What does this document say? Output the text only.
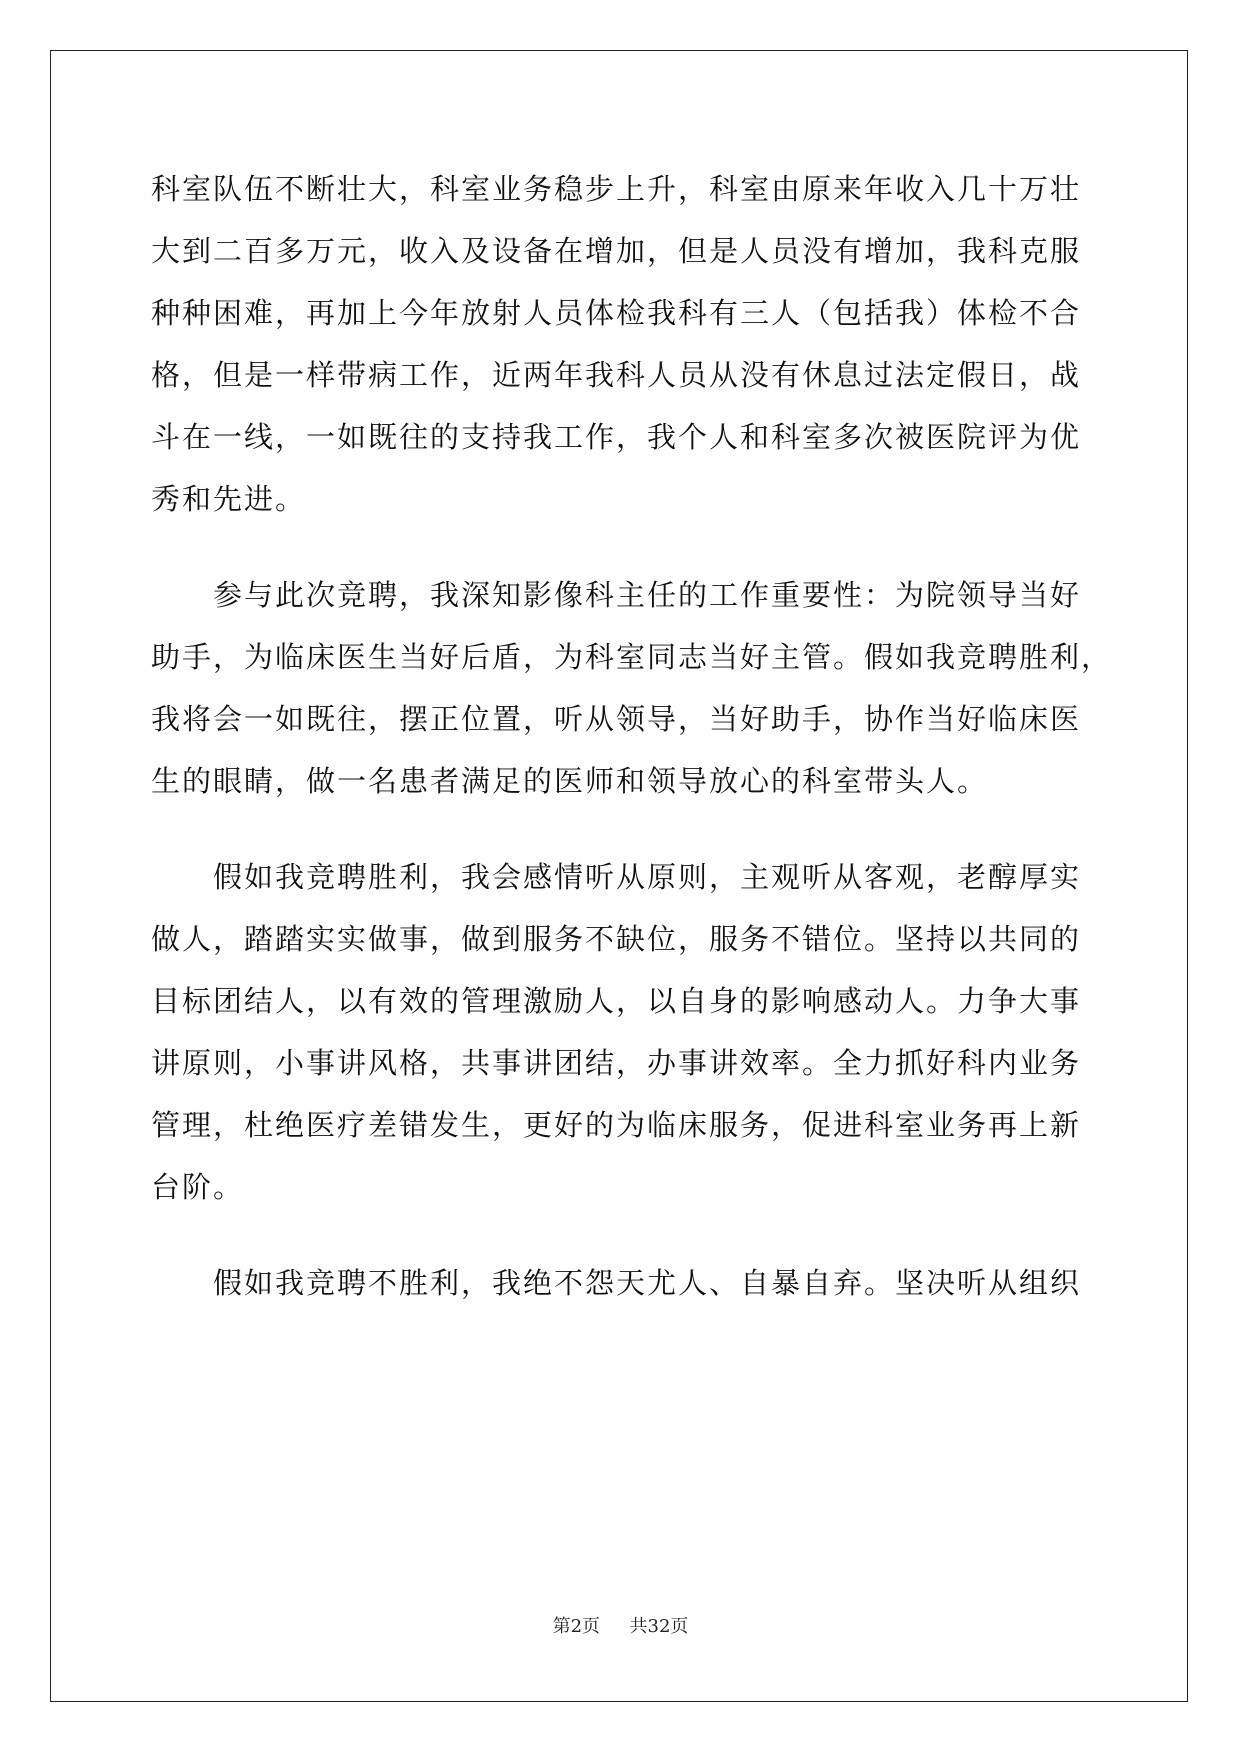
科室队伍不断壮大，科室业务稳步上升，科室由原来年收入几十万壮
大到二百多万元，收入及设备在增加，但是人员没有增加，我科克服
种种困难，再加上今年放射人员体检我科有三人（包括我）体检不合
格，但是一样带病工作，近两年我科人员从没有休息过法定假日，战
斗在一线，一如既往的支持我工作，我个人和科室多次被医院评为优
秀和先进。
参与此次竞聘，我深知影像科主任的工作重要性：为院领导当好
助手，为临床医生当好后盾，为科室同志当好主管。假如我竞聘胜利，
我将会一如既往，摆正位置，听从领导，当好助手，协作当好临床医
生的眼睛，做一名患者满足的医师和领导放心的科室带头人。
假如我竞聘胜利，我会感情听从原则，主观听从客观，老醇厚实
做人，踏踏实实做事，做到服务不缺位，服务不错位。坚持以共同的
目标团结人，以有效的管理激励人，以自身的影响感动人。力争大事
讲原则，小事讲风格，共事讲团结，办事讲效率。全力抓好科内业务
管理，杜绝医疗差错发生，更好的为临床服务，促进科室业务再上新
台阶。
假如我竞聘不胜利，我绝不怨天尤人、自暴自弃。坚决听从组织
第2页 共32页
